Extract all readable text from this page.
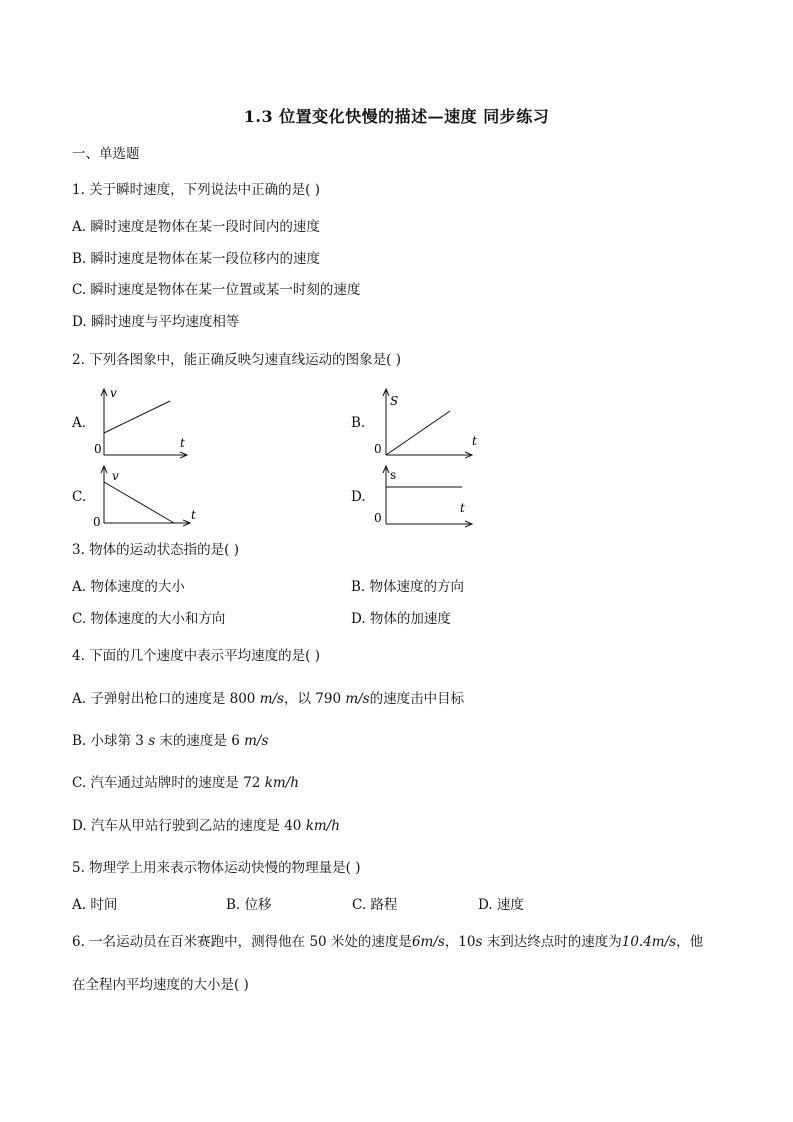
1.3 位置变化快慢的描述—速度 同步练习
一、单选题
1. 关于瞬时速度，下列说法中正确的是( )
A. 瞬时速度是物体在某一段时间内的速度
B. 瞬时速度是物体在某一段位移内的速度
C. 瞬时速度是物体在某一位置或某一时刻的速度
D. 瞬时速度与平均速度相等
2. 下列各图象中，能正确反映匀速直线运动的图象是( )
A.
v
t
0
B.
S
t
0
C.
v
t
0
D.
s
t
0
3. 物体的运动状态指的是( )
A. 物体速度的大小	B. 物体速度的方向
C. 物体速度的大小和方向	D. 物体的加速度
4. 下面的几个速度中表示平均速度的是( )
A. 子弹射出枪口的速度是 800 m/s，以 790 m/s的速度击中目标
B. 小球第 3 s 末的速度是 6 m/s
C. 汽车通过站牌时的速度是 72 km/h
D. 汽车从甲站行驶到乙站的速度是 40 km/h
5. 物理学上用来表示物体运动快慢的物理量是( )
A. 时间	B. 位移	C. 路程	D. 速度
6. 一名运动员在百米赛跑中，测得他在 50 米处的速度是6m/s，10s 末到达终点时的速度为10.4m/s，他
在全程内平均速度的大小是( )
